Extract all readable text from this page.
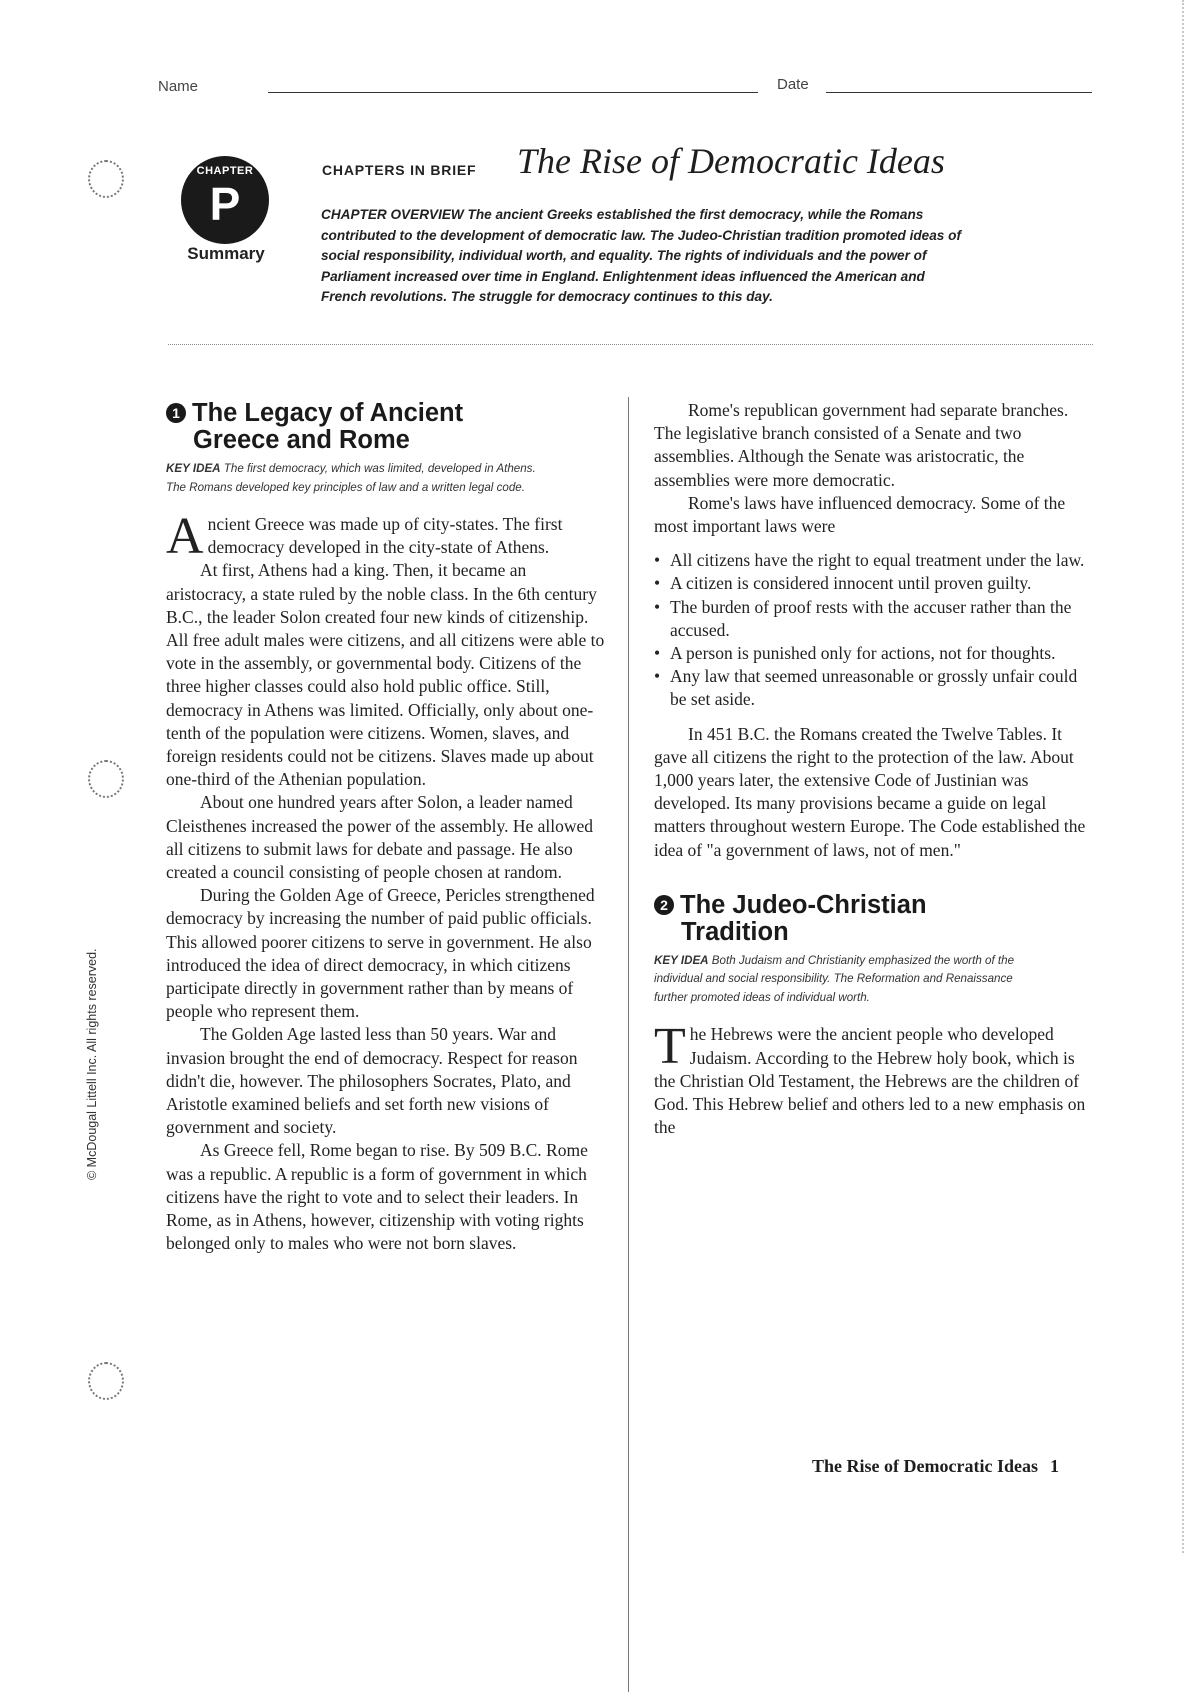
Name	Date
CHAPTER
P
Summary
CHAPTERS IN BRIEF The Rise of Democratic Ideas
CHAPTER OVERVIEW The ancient Greeks established the first democracy, while the Romans contributed to the development of democratic law. The Judeo-Christian tradition promoted ideas of social responsibility, individual worth, and equality. The rights of individuals and the power of Parliament increased over time in England. Enlightenment ideas influenced the American and French revolutions. The struggle for democracy continues to this day.
1 The Legacy of Ancient
Greece and Rome
KEY IDEA The first democracy, which was limited, developed in Athens. The Romans developed key principles of law and a written legal code.

Ancient Greece was made up of city-states. The first democracy developed in the city-state of Athens.

At first, Athens had a king. Then, it became an aristocracy, a state ruled by the noble class. In the 6th century B.C., the leader Solon created four new kinds of citizenship. All free adult males were citizens, and all citizens were able to vote in the assembly, or governmental body. Citizens of the three higher classes could also hold public office. Still, democracy in Athens was limited. Officially, only about one-tenth of the population were citizens. Women, slaves, and foreign residents could not be citizens. Slaves made up about one-third of the Athenian population.

About one hundred years after Solon, a leader named Cleisthenes increased the power of the assembly. He allowed all citizens to submit laws for debate and passage. He also created a council consisting of people chosen at random.

During the Golden Age of Greece, Pericles strengthened democracy by increasing the number of paid public officials. This allowed poorer citizens to serve in government. He also introduced the idea of direct democracy, in which citizens participate directly in government rather than by means of people who represent them.

The Golden Age lasted less than 50 years. War and invasion brought the end of democracy. Respect for reason didn't die, however. The philosophers Socrates, Plato, and Aristotle examined beliefs and set forth new visions of government and society.

As Greece fell, Rome began to rise. By 509 B.C. Rome was a republic. A republic is a form of government in which citizens have the right to vote and to select their leaders. In Rome, as in Athens, however, citizenship with voting rights belonged only to males who were not born slaves.

Rome's republican government had separate branches. The legislative branch consisted of a Senate and two assemblies. Although the Senate was aristocratic, the assemblies were more democratic.

Rome's laws have influenced democracy. Some of the most important laws were

• All citizens have the right to equal treatment under the law.
• A citizen is considered innocent until proven guilty.
• The burden of proof rests with the accuser rather than the accused.
• A person is punished only for actions, not for thoughts.
• Any law that seemed unreasonable or grossly unfair could be set aside.

In 451 B.C. the Romans created the Twelve Tables. It gave all citizens the right to the protection of the law. About 1,000 years later, the extensive Code of Justinian was developed. Its many provisions became a guide on legal matters throughout western Europe. The Code established the idea of "a government of laws, not of men."

2 The Judeo-Christian
Tradition
KEY IDEA Both Judaism and Christianity emphasized the worth of the individual and social responsibility. The Reformation and Renaissance further promoted ideas of individual worth.

The Hebrews were the ancient people who developed Judaism. According to the Hebrew holy book, which is the Christian Old Testament, the Hebrews are the children of God. This Hebrew belief and others led to a new emphasis on the

© McDougal Littell Inc. All rights reserved.
The Rise of Democratic Ideas 1
